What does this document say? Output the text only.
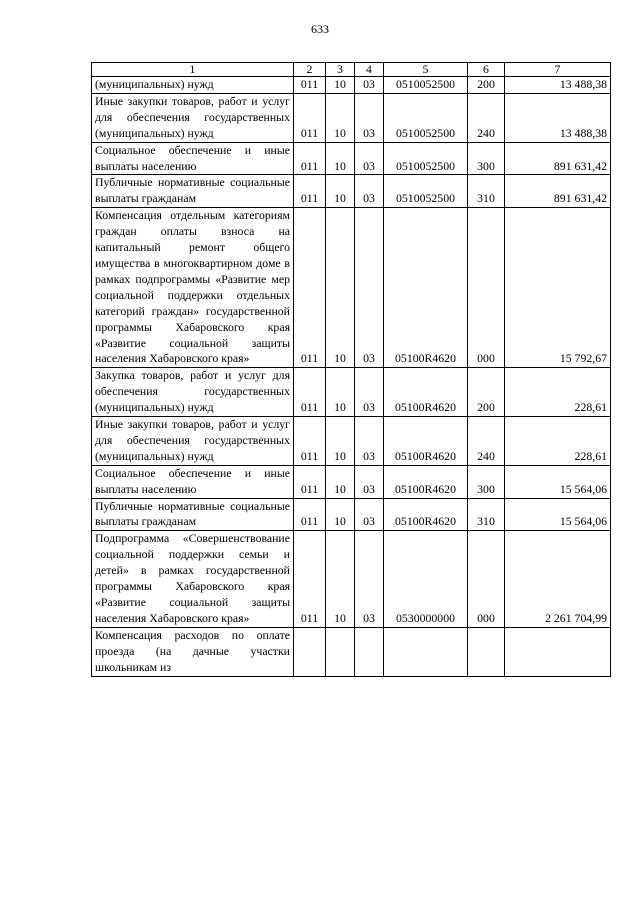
633
1	2	3	4	5	6	7
(муниципальных) нужд	011	10	03	0510052500	200	13 488,38
Иные закупки товаров, работ и услуг для обеспечения государственных (муниципальных) нужд	011	10	03	0510052500	240	13 488,38
Социальное обеспечение и иные выплаты населению	011	10	03	0510052500	300	891 631,42
Публичные нормативные социальные выплаты гражданам	011	10	03	0510052500	310	891 631,42
Компенсация отдельным категориям граждан оплаты взноса на капитальный ремонт общего имущества в многоквартирном доме в рамках подпрограммы «Развитие мер социальной поддержки отдельных категорий граждан» государственной программы Хабаровского края «Развитие социальной защиты населения Хабаровского края»	011	10	03	05100R4620	000	15 792,67
Закупка товаров, работ и услуг для обеспечения государственных (муниципальных) нужд	011	10	03	05100R4620	200	228,61
Иные закупки товаров, работ и услуг для обеспечения государственных (муниципальных) нужд	011	10	03	05100R4620	240	228,61
Социальное обеспечение и иные выплаты населению	011	10	03	05100R4620	300	15 564,06
Публичные нормативные социальные выплаты гражданам	011	10	03	05100R4620	310	15 564,06
Подпрограмма «Совершенствование социальной поддержки семьи и детей» в рамках государственной программы Хабаровского края «Развитие социальной защиты населения Хабаровского края»	011	10	03	0530000000	000	2 261 704,99
Компенсация расходов по оплате проезда (на дачные участки школьникам из						
